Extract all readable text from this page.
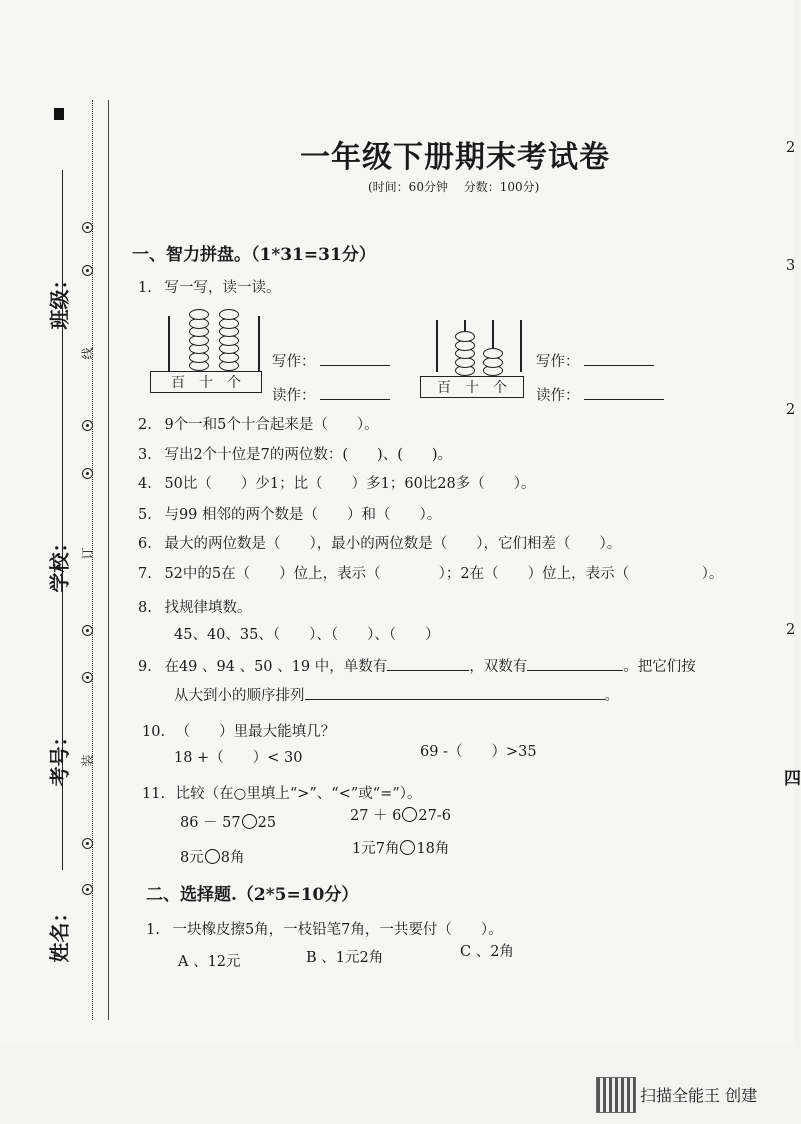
班级：
学校：
考号：
姓名：
线
订
装
一年级下册期末考试卷
(时间：60分钟　 分数：100分)
一、智力拼盘。（1*31=31分）
1. 写一写，读一读。
百　十　个
写作：
读作：	百　十　个
写作：
读作：
2. 9个一和5个十合起来是（　　）。
3. 写出2个十位是7的两位数：(　　)、(　　)。
4. 50比（　　）少1；比（　　）多1；60比28多（　　）。
5. 与99 相邻的两个数是（　　）和（　　）。
6. 最大的两位数是（　　），最小的两位数是（　　），它们相差（　　）。
7. 52中的5在（　　）位上，表示（　　　　）；2在（　　）位上，表示（　　　　　）。
8. 找规律填数。
45、40、35、（　　）、（　　）、（　　）
9. 在49 、94 、50 、19 中，单数有	，双数有	。把它们按
从大到小的顺序排列	。
10. （　　）里最大能填几？
18 +（　　）< 30	69 -（　　）>35
11. 比较（在○里填上“>”、“<”或“=”）。
86 － 57 25	27 ＋ 6 27-6
8元 8角
1元7角 18角
二、选择题.（2*5=10分）
1. 一块橡皮擦5角，一枝铅笔7角，一共要付（　　）。
A 、12元	B 、1元2角	C 、2角
2
3
2
2
四
扫描全能王 创建
